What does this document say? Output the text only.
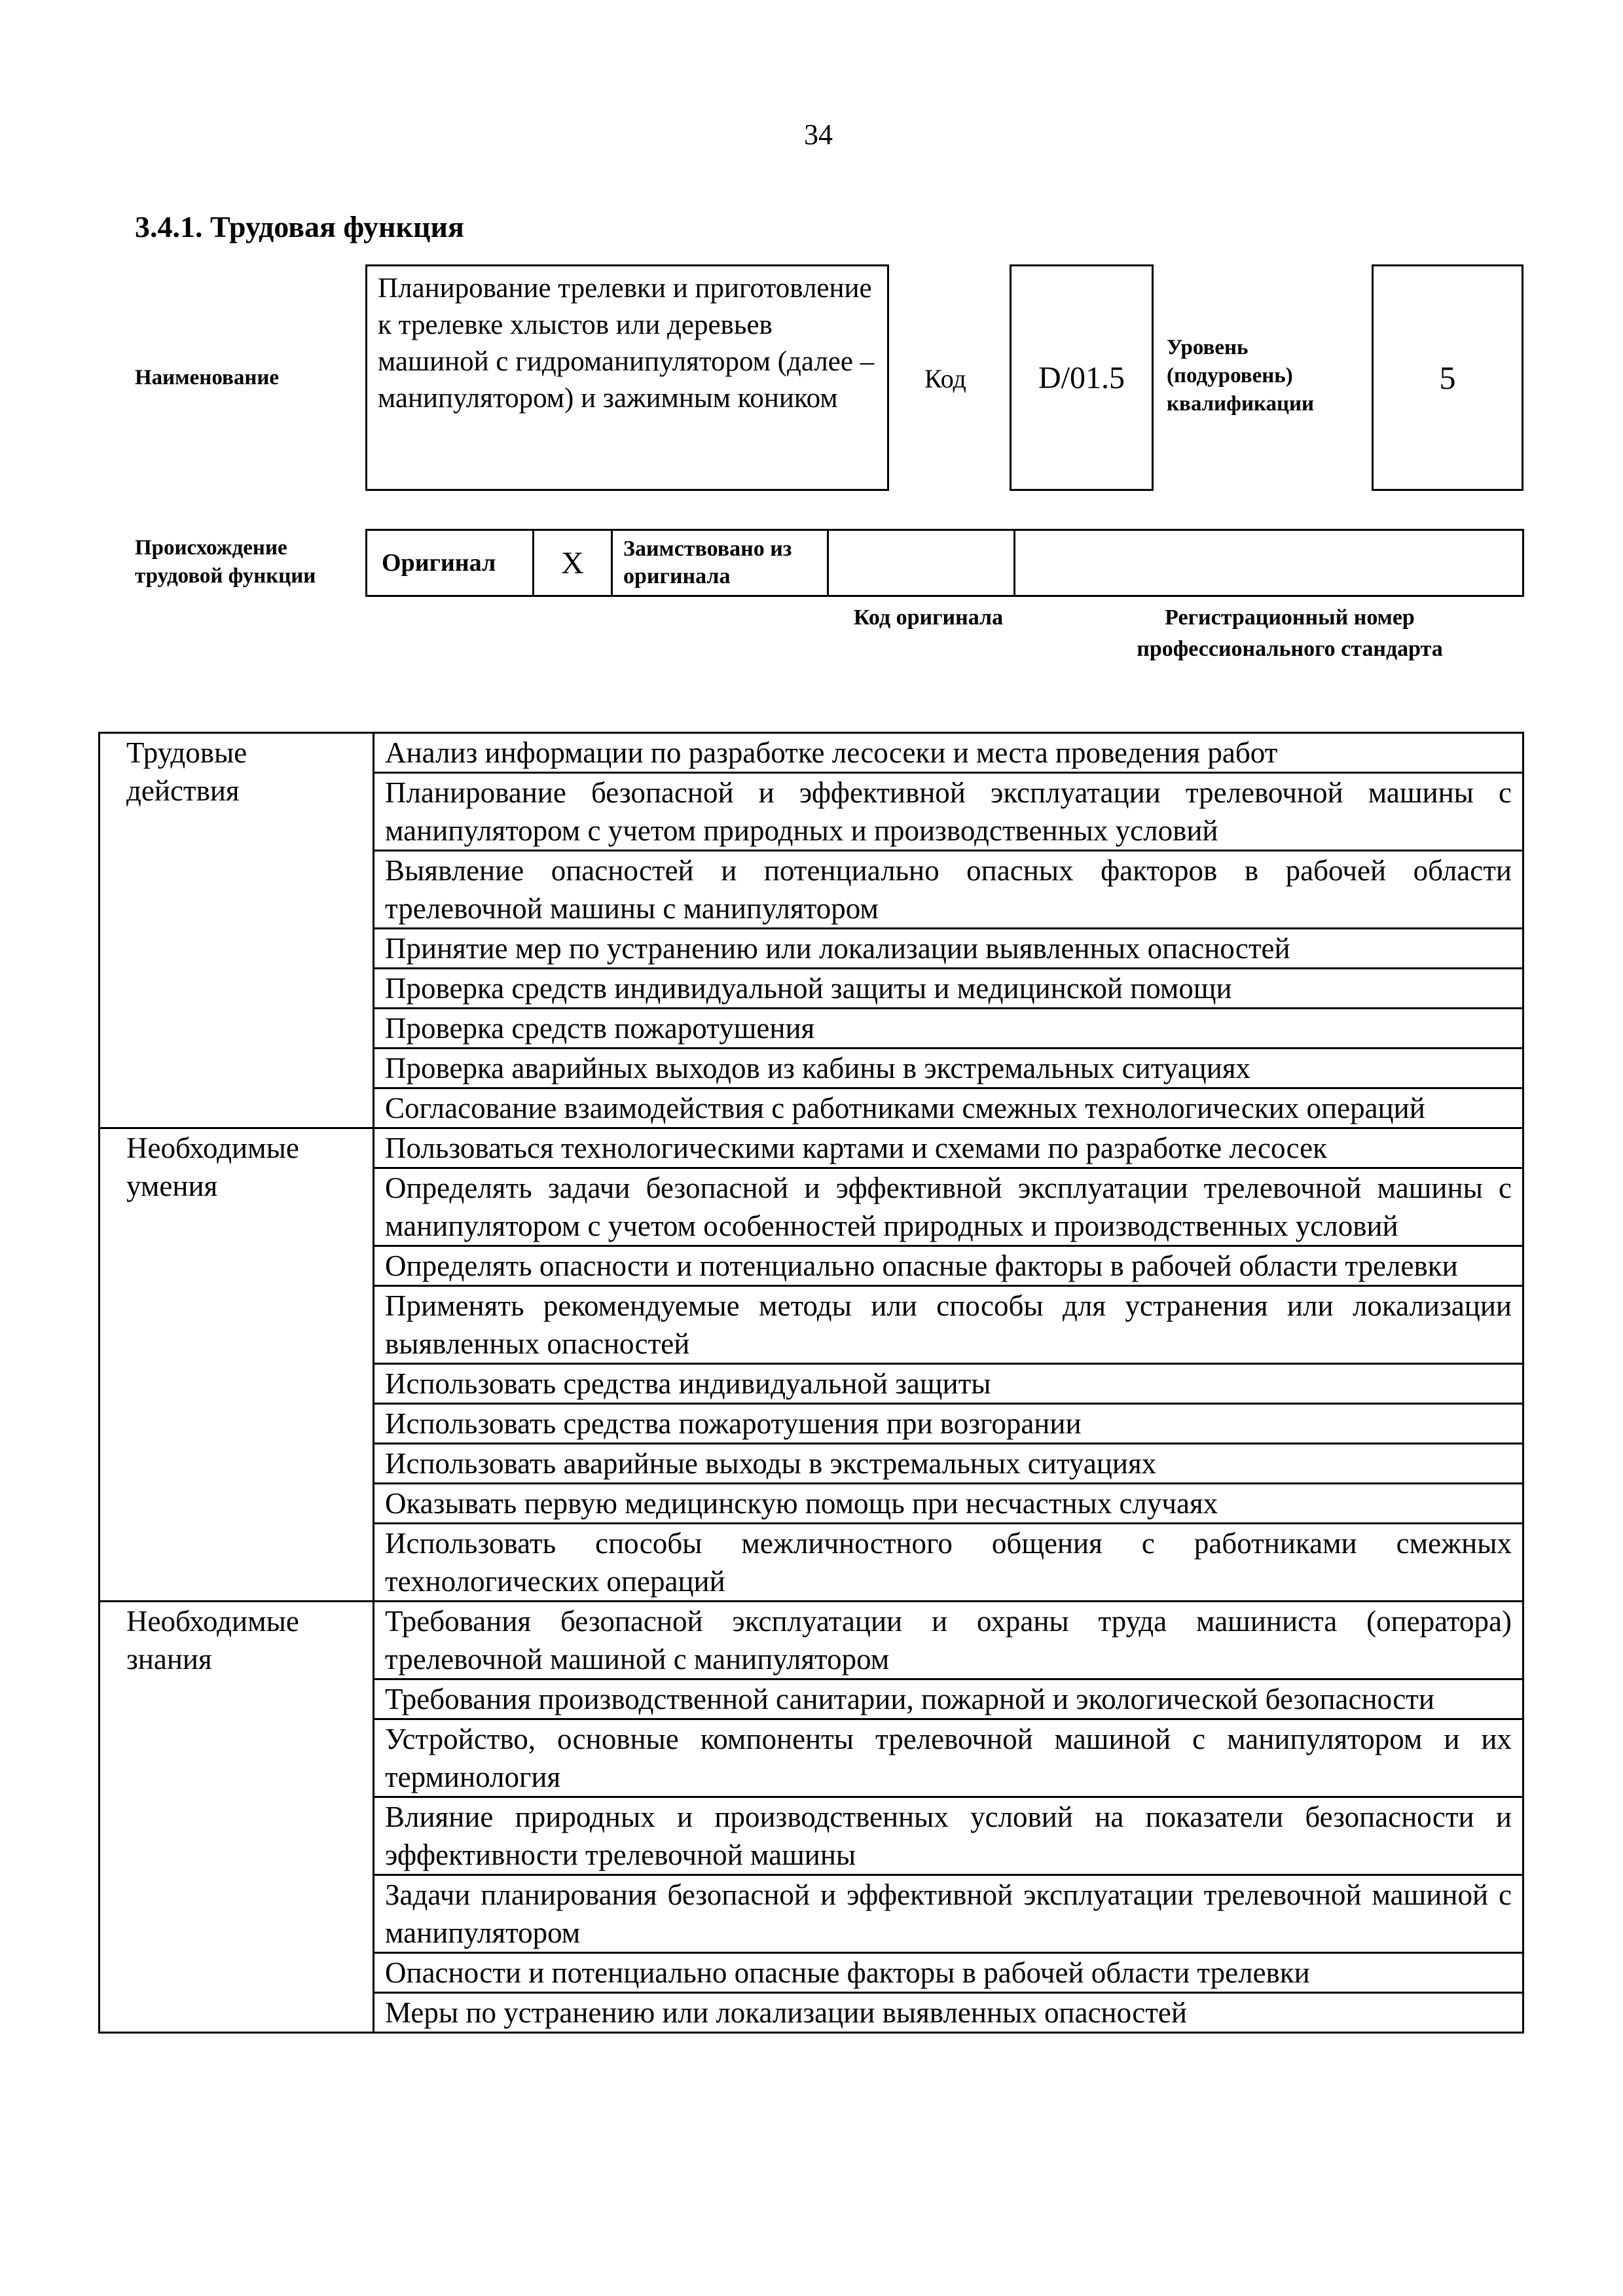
34
3.4.1. Трудовая функция
Наименование
Планирование трелевки и приготовление к трелевке хлыстов или деревьев машиной с гидроманипулятором (далее – манипулятором) и зажимным коником
Код D/01.5
Уровень (подуровень) квалификации
5
Происхождение трудовой функции	Оригинал	X	Заимствовано из оригинала
Код оригинала	Регистрационный номер профессионального стандарта
Трудовые действия	Анализ информации по разработке лесосеки и места проведения работ
	Планирование безопасной и эффективной эксплуатации трелевочной машины с манипулятором с учетом природных и производственных условий
	Выявление опасностей и потенциально опасных факторов в рабочей области трелевочной машины с манипулятором
	Принятие мер по устранению или локализации выявленных опасностей
	Проверка средств индивидуальной защиты и медицинской помощи
	Проверка средств пожаротушения
	Проверка аварийных выходов из кабины в экстремальных ситуациях
	Согласование взаимодействия с работниками смежных технологических операций
Необходимые умения	Пользоваться технологическими картами и схемами по разработке лесосек
	Определять задачи безопасной и эффективной эксплуатации трелевочной машины с манипулятором с учетом особенностей природных и производственных условий
	Определять опасности и потенциально опасные факторы в рабочей области трелевки
	Применять рекомендуемые методы или способы для устранения или локализации выявленных опасностей
	Использовать средства индивидуальной защиты
	Использовать средства пожаротушения при возгорании
	Использовать аварийные выходы в экстремальных ситуациях
	Оказывать первую медицинскую помощь при несчастных случаях
	Использовать способы межличностного общения с работниками смежных технологических операций
Необходимые знания	Требования безопасной эксплуатации и охраны труда машиниста (оператора) трелевочной машиной с манипулятором
	Требования производственной санитарии, пожарной и экологической безопасности
	Устройство, основные компоненты трелевочной машиной с манипулятором и их терминология
	Влияние природных и производственных условий на показатели безопасности и эффективности трелевочной машины
	Задачи планирования безопасной и эффективной эксплуатации трелевочной машиной с манипулятором
	Опасности и потенциально опасные факторы в рабочей области трелевки
	Меры по устранению или локализации выявленных опасностей
